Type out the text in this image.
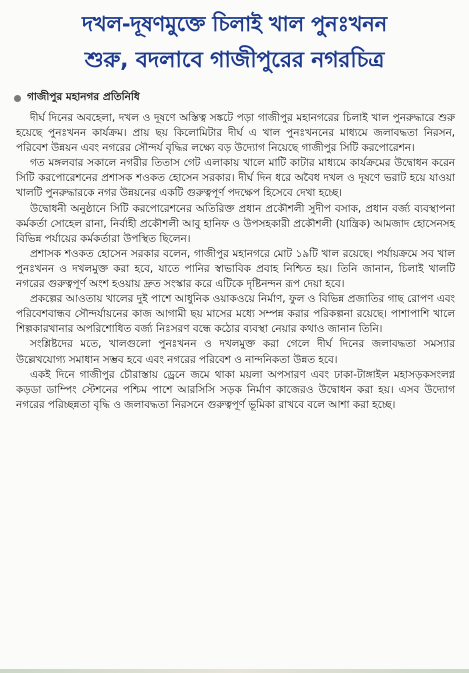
দখল-দূষণমুক্তে চিলাই খাল পুনঃখনন
শুরু, বদলাবে গাজীপুরের নগরচিত্র
গাজীপুর মহানগর প্রতিনিধি

দীর্ঘ দিনের অবহেলা, দখল ও দূষণে অস্তিত্ব সঙ্কটে পড়া গাজীপুর মহানগরের চিলাই খাল পুনরুদ্ধারে শুরু হয়েছে পুনঃখনন কার্যক্রম। প্রায় ছয় কিলোমিটার দীর্ঘ এ খাল পুনঃখননের মাধ্যমে জলাবদ্ধতা নিরসন, পরিবেশ উন্নয়ন এবং নগরের সৌন্দর্য বৃদ্ধির লক্ষ্যে বড় উদ্যোগ নিয়েছে গাজীপুর সিটি করপোরেশন।

গত মঙ্গলবার সকালে নগরীর তিতাস গেট এলাকায় খালে মাটি কাটার মাধ্যমে কার্যক্রমের উদ্বোধন করেন সিটি করপোরেশনের প্রশাসক শওকত হোসেন সরকার। দীর্ঘ দিন ধরে অবৈধ দখল ও দূষণে ভরাট হয়ে যাওয়া খালটি পুনরুদ্ধারকে নগর উন্নয়নের একটি গুরুত্বপূর্ণ পদক্ষেপ হিসেবে দেখা হচ্ছে।

উদ্বোধনী অনুষ্ঠানে সিটি করপোরেশনের অতিরিক্ত প্রধান প্রকৌশলী সুদীপ বসাক, প্রধান বর্জ্য ব্যবস্থাপনা কর্মকর্তা সোহেল রানা, নির্বাহী প্রকৌশলী আবু হানিফ ও উপসহকারী প্রকৌশলী (যান্ত্রিক) আমজাদ হোসেনসহ বিভিন্ন পর্যায়ের কর্মকর্তারা উপস্থিত ছিলেন।

প্রশাসক শওকত হোসেন সরকার বলেন, গাজীপুর মহানগরে মোট ১৯টি খাল রয়েছে। পর্যায়ক্রমে সব খাল পুনঃখনন ও দখলমুক্ত করা হবে, যাতে পানির স্বাভাবিক প্রবাহ নিশ্চিত হয়। তিনি জানান, চিলাই খালটি নগরের গুরুত্বপূর্ণ অংশ হওয়ায় দ্রুত সংস্কার করে এটিকে দৃষ্টিনন্দন রূপ দেয়া হবে।

প্রকল্পের আওতায় খালের দুই পাশে আধুনিক ওয়াকওয়ে নির্মাণ, ফুল ও বিভিন্ন প্রজাতির গাছ রোপণ এবং পরিবেশবান্ধব সৌন্দর্যায়নের কাজ আগামী ছয় মাসের মধ্যে সম্পন্ন করার পরিকল্পনা রয়েছে। পাশাপাশি খালে শিল্পকারখানার অপরিশোধিত বর্জ্য নিঃসরণ বন্ধে কঠোর ব্যবস্থা নেয়ার কথাও জানান তিনি।

সংশ্লিষ্টদের মতে, খালগুলো পুনঃখনন ও দখলমুক্ত করা গেলে দীর্ঘ দিনের জলাবদ্ধতা সমস্যার উল্লেখযোগ্য সমাধান সম্ভব হবে এবং নগরের পরিবেশ ও নান্দনিকতা উন্নত হবে।

একই দিনে গাজীপুর চৌরাস্তায় ড্রেনে জমে থাকা ময়লা অপসারণ এবং ঢাকা-টাঙ্গাইল মহাসড়কসংলগ্ন কড়ডা ডাম্পিং স্টেশনের পশ্চিম পাশে আরসিসি সড়ক নির্মাণ কাজেরও উদ্বোধন করা হয়। এসব উদ্যোগ নগরের পরিচ্ছন্নতা বৃদ্ধি ও জলাবদ্ধতা নিরসনে গুরুত্বপূর্ণ ভূমিকা রাখবে বলে আশা করা হচ্ছে।
